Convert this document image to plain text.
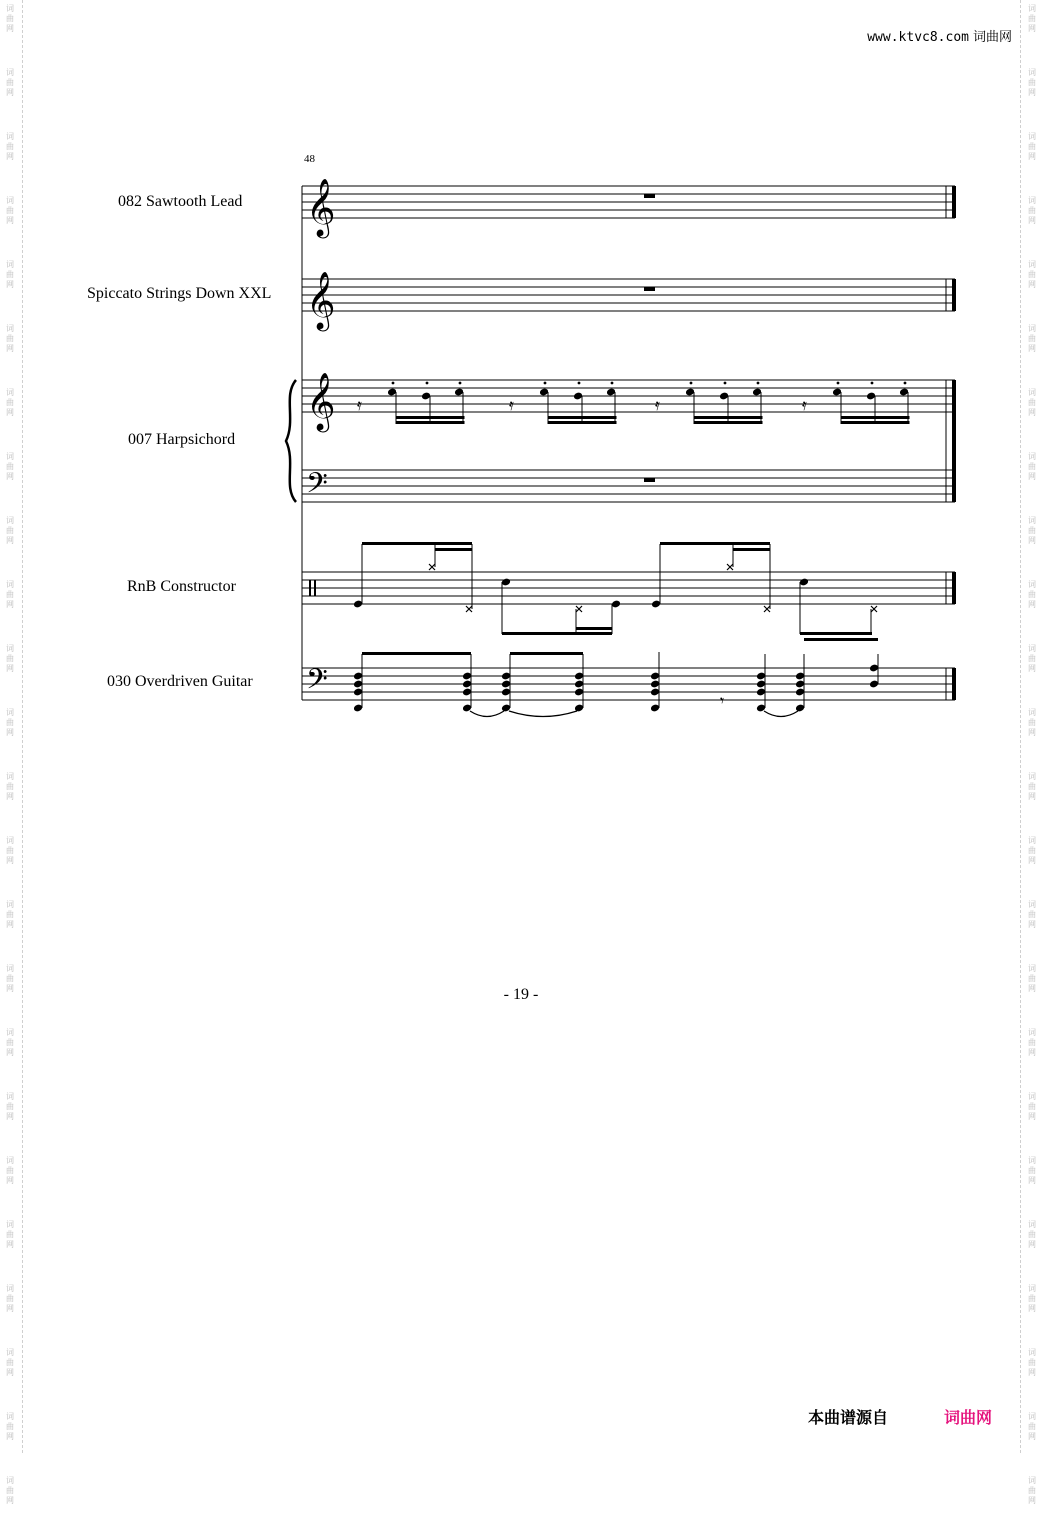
词
曲
网
词
曲
网
词
曲
网
词
曲
网
词
曲
网
词
曲
网
词
曲
网
词
曲
网
词
曲
网
词
曲
网
词
曲
网
词
曲
网
词
曲
网
词
曲
网
词
曲
网
词
曲
网
词
曲
网
词
曲
网
词
曲
网
词
曲
网
词
曲
网
词
曲
网
词
曲
网
词
曲
网
词
曲
网
词
曲
网
词
曲
网
词
曲
网
词
曲
网
词
曲
网
词
曲
网
词
曲
网
词
曲
网
词
曲
网
词
曲
网
词
曲
网
词
曲
网
词
曲
网
词
曲
网
词
曲
网
词
曲
网
词
曲
网
词
曲
网
词
曲
网
词
曲
网
词
曲
网
词
曲
网
词
曲
网
www.ktvc8.com 词曲网
48
082 Sawtooth Lead
Spiccato Strings Down XXL
007 Harpsichord
RnB Constructor
030 Overdriven Guitar
𝄞
𝄞
𝄞
𝄢
𝄢
𝄿	𝄿	𝄿	𝄿
𝄾
- 19 -
本曲谱源自	词曲网
